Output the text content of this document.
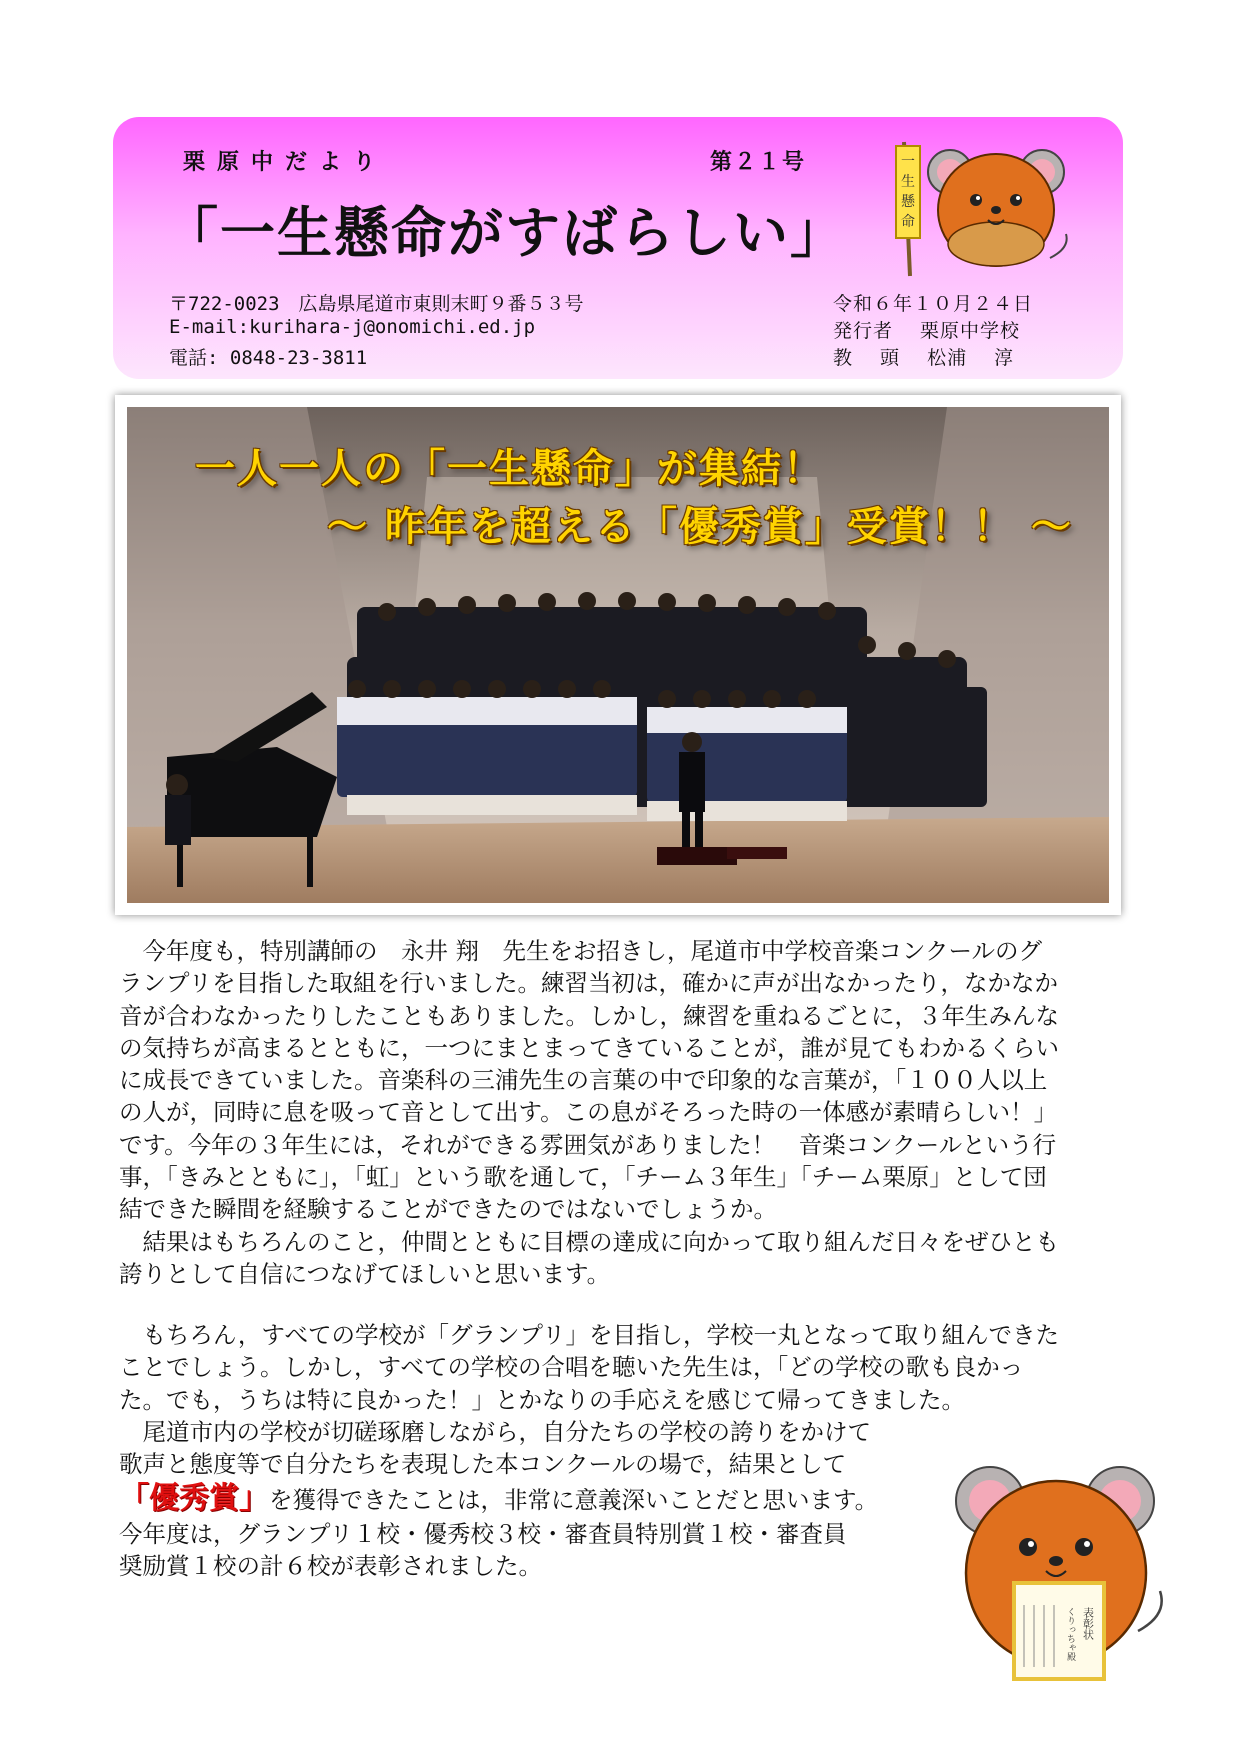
栗原中だより	第２１号
「一生懸命がすばらしい」
〒722-0023　広島県尾道市東則末町９番５３号
E-mail:kurihara-j@onomichi.ed.jp
電話: 0848-23-3811
令和６年１０月２４日
発行者　 栗原中学校
教　 頭　 松浦　 淳
一
生
懸
命
一人一人の「一生懸命」が集結！
～ 昨年を超える「優秀賞」受賞！！ ～
　今年度も，特別講師の　永井 翔　先生をお招きし，尾道市中学校音楽コンクールのグ
ランプリを目指した取組を行いました。練習当初は，確かに声が出なかったり，なかなか
音が合わなかったりしたこともありました。しかし，練習を重ねるごとに，３年生みんな
の気持ちが高まるとともに，一つにまとまってきていることが，誰が見てもわかるくらい
に成長できていました。音楽科の三浦先生の言葉の中で印象的な言葉が，「１００人以上
の人が，同時に息を吸って音として出す。この息がそろった時の一体感が素晴らしい！」
です。今年の３年生には，それができる雰囲気がありました！　音楽コンクールという行
事，「きみとともに」，「虹」という歌を通して，「チーム３年生」「チーム栗原」として団
結できた瞬間を経験することができたのではないでしょうか。
　結果はもちろんのこと，仲間とともに目標の達成に向かって取り組んだ日々をぜひとも
誇りとして自信につなげてほしいと思います。
　もちろん，すべての学校が「グランプリ」を目指し，学校一丸となって取り組んできた
ことでしょう。しかし，すべての学校の合唱を聴いた先生は，「どの学校の歌も良かっ
た。でも，うちは特に良かった！」とかなりの手応えを感じて帰ってきました。
　尾道市内の学校が切磋琢磨しながら，自分たちの学校の誇りをかけて
歌声と態度等で自分たちを表現した本コンクールの場で，結果として
「優秀賞」を獲得できたことは，非常に意義深いことだと思います。
今年度は，グランプリ１校・優秀校３校・審査員特別賞１校・審査員
奨励賞１校の計６校が表彰されました。
表彰状
くりっちゃ殿
